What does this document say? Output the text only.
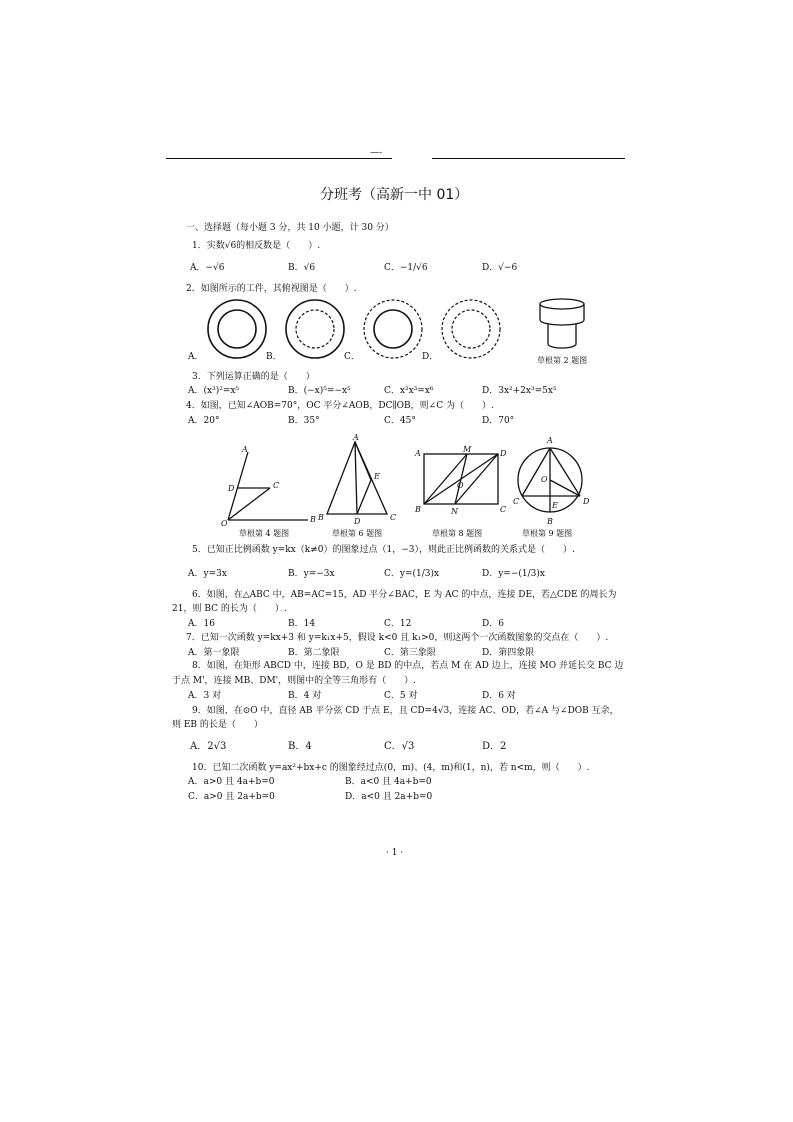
—-
分班考（高新一中 01）
一、选择题（每小题 3 分，共 10 小题，计 30 分）
1．实数√6的相反数是（　　）.
A．−√6	B．√6	C．−1/√6	D．√−6
2．如图所示的工件，其俯视图是（　　）.
A．	B．	C．	D．	草根第 2 题图
3．下列运算正确的是（　　）
A．(x³)²=x⁵	B．(−x)⁵=−x⁵	C．x²x³=x⁶	D．3x²+2x³=5x⁵
4．如图，已知∠AOB=70°，OC 平分∠AOB，DC∥OB，则∠C 为（　　）.
A．20°	B．35°	C．45°	D．70°
A
D	C
O	B
草根第 4 题图
A
E
B	D	C
草根第 6 题图
A	M	D
O
B	N	C
草根第 8 题图
A
O
C	E	D
B
草根第 9 题图
5．已知正比例函数 y=kx（k≠0）的图象过点（1，−3），则此正比例函数的关系式是（　　）.
A．y=3x	B．y=−3x	C．y=(1/3)x	D．y=−(1/3)x
6．如图，在△ABC 中，AB=AC=15，AD 平分∠BAC，E 为 AC 的中点，连接 DE，若△CDE 的周长为
21，则 BC 的长为（　　）.
A．16	B．14	C．12	D．6
7．已知一次函数 y=kx+3 和 y=k₁x+5，假设 k<0 且 k₁>0，则这两个一次函数图象的交点在（　　）.
A．第一象限	B．第二象限	C．第三象限	D．第四象限
8．如图，在矩形 ABCD 中，连接 BD，O 是 BD 的中点，若点 M 在 AD 边上，连接 MO 并延长交 BC 边
于点 M'，连接 MB、DM'，则图中的全等三角形有（　　）.
A．3 对	B．4 对	C．5 对	D．6 对
9．如图，在⊙O 中，直径 AB 平分弦 CD 于点 E，且 CD=4√3，连接 AC、OD，若∠A 与∠DOB 互余，
则 EB 的长是（　　）
A．2√3	B．4	C．√3	D．2
10．已知二次函数 y=ax²+bx+c 的图象经过点(0，m)、(4，m)和(1，n)，若 n<m，则（　　）.
A．a>0 且 4a+b=0	B．a<0 且 4a+b=0
C．a>0 且 2a+b=0	D．a<0 且 2a+b=0
· 1 ·
